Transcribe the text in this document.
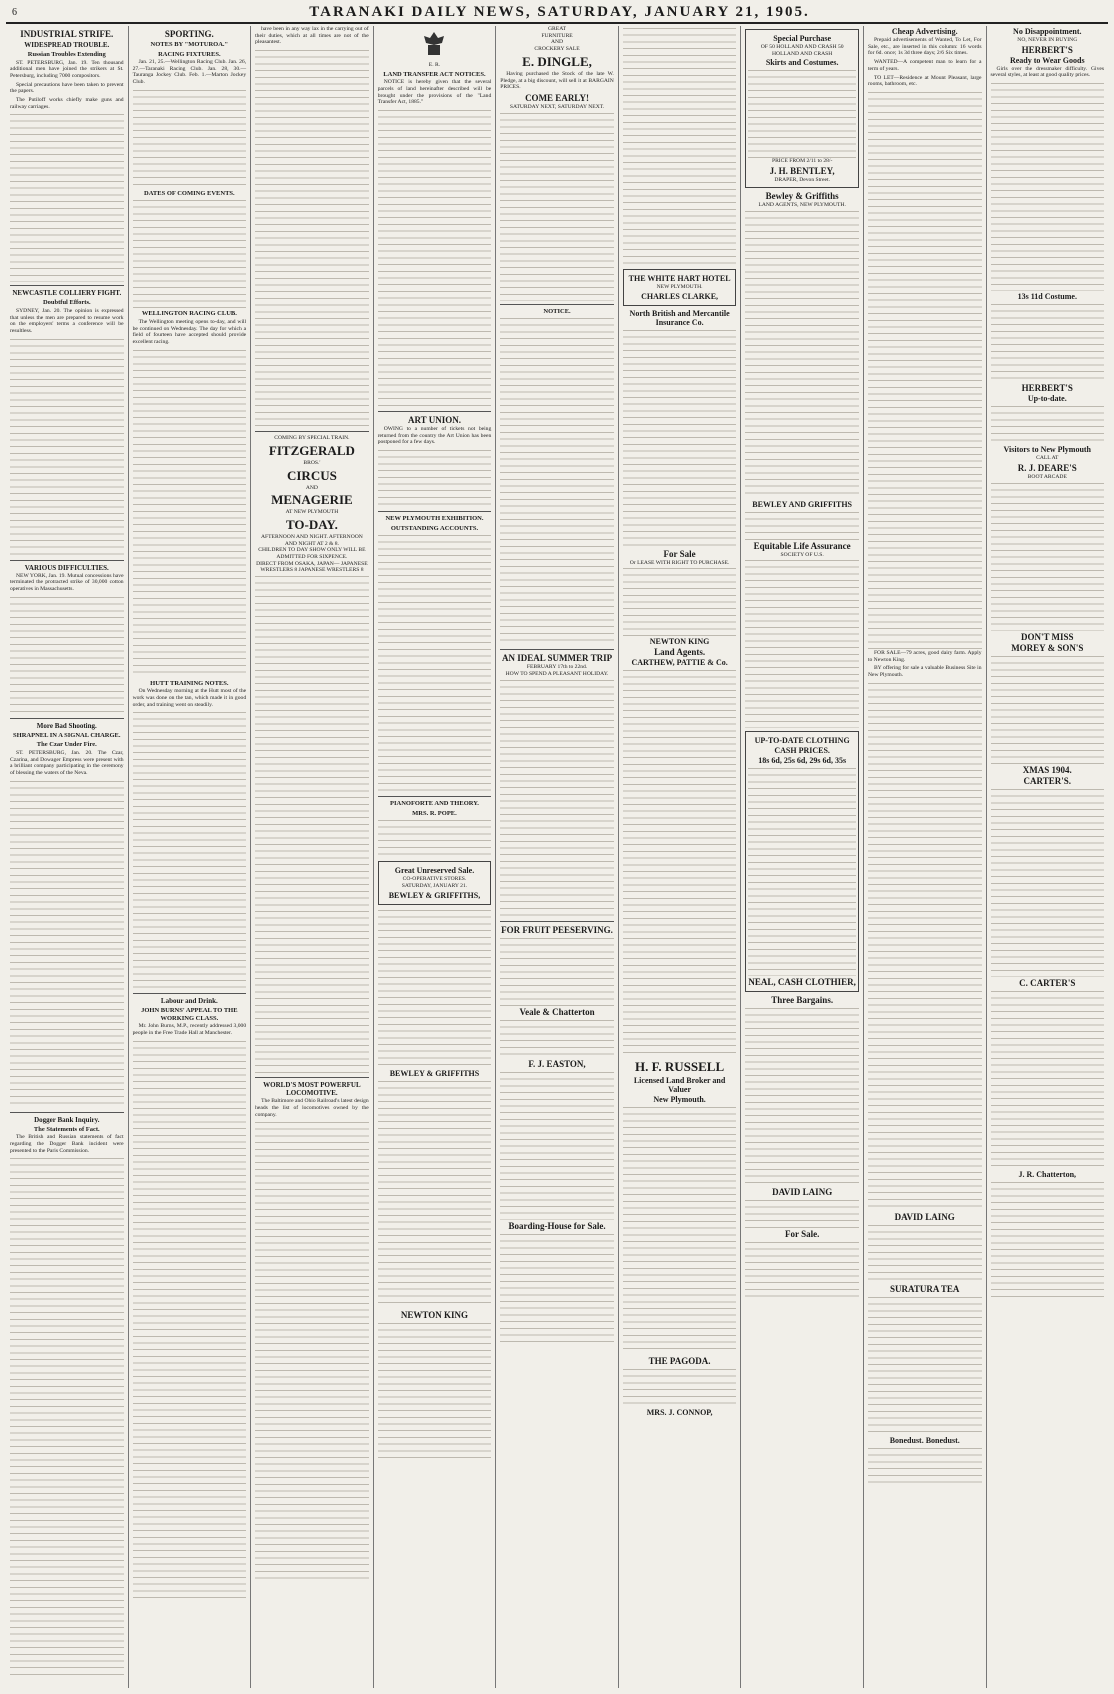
6	TARANAKI DAILY NEWS, SATURDAY, JANUARY 21, 1905.
INDUSTRIAL STRIFE.
WIDESPREAD TROUBLE.
Russian Troubles Extending

ST. PETERSBURG, Jan. 19. Ten thousand additional men have joined the strikers at St. Petersburg, including 7000 compositors.

Special precautions have been taken to prevent the papers.

The Putiloff works chiefly make guns and railway carriages.

NEWCASTLE COLLIERY FIGHT.
Doubtful Efforts.

SYDNEY, Jan. 20. The opinion is expressed that unless the men are prepared to resume work on the employers' terms a conference will be resultless.

VARIOUS DIFFICULTIES.

NEW YORK, Jan. 19. Mutual concessions have terminated the protracted strike of 30,000 cotton operatives in Massachusetts.

More Bad Shooting.
SHRAPNEL IN A SIGNAL CHARGE.
The Czar Under Fire.

ST. PETERSBURG, Jan. 20. The Czar, Czarina, and Dowager Empress were present with a brilliant company participating in the ceremony of blessing the waters of the Neva.

Dogger Bank Inquiry.
The Statements of Fact.

The British and Russian statements of fact regarding the Dogger Bank incident were presented to the Paris Commission.

SPORTING.
NOTES BY "MOTUROA."
RACING FIXTURES.

Jan. 21, 25.—Wellington Racing Club. Jan. 26, 27.—Taranaki Racing Club. Jan. 28, 30.—Tauranga Jockey Club. Feb. 1.—Marton Jockey Club.

DATES OF COMING EVENTS.
WELLINGTON RACING CLUB.

The Wellington meeting opens to-day, and will be continued on Wednesday. The day for which a field of fourteen have accepted should provide excellent racing.

HUTT TRAINING NOTES.

On Wednesday morning at the Hutt most of the work was done on the tan, which made it in good order, and training went on steadily.

Labour and Drink.
JOHN BURNS' APPEAL TO THE WORKING CLASS.

Mr. John Burns, M.P., recently addressed 3,000 people in the Free Trade Hall at Manchester.

have been in any way lax in the carrying out of their duties, which at all times are not of the pleasantest.

COMING BY SPECIAL TRAIN.
FITZGERALD
BROS.'
CIRCUS
AND
MENAGERIE
AT NEW PLYMOUTH
TO-DAY.
AFTERNOON AND NIGHT. AFTERNOON AND NIGHT AT 2 & 8.
CHILDREN TO DAY SHOW ONLY WILL BE ADMITTED FOR SIXPENCE.
DIRECT FROM OSAKA, JAPAN— JAPANESE WRESTLERS 8 JAPANESE WRESTLERS 8
WORLD'S MOST POWERFUL LOCOMOTIVE.

The Baltimore and Ohio Railroad's latest design heads the list of locomotives owned by the company.

E. R.
LAND TRANSFER ACT NOTICES.

NOTICE is hereby given that the several parcels of land hereinafter described will be brought under the provisions of the "Land Transfer Act, 1885."

ART UNION.

OWING to a number of tickets not being returned from the country the Art Union has been postponed for a few days.

NEW PLYMOUTH EXHIBITION.
OUTSTANDING ACCOUNTS.
PIANOFORTE AND THEORY.
MRS. R. POPE.
Great Unreserved Sale.
CO-OPERATIVE STORES.
SATURDAY, JANUARY 21.
BEWLEY & GRIFFITHS,
BEWLEY & GRIFFITHS
NEWTON KING
GREAT
FURNITURE
AND
CROCKERY SALE
E. DINGLE,

Having purchased the Stock of the late W. Pledge, at a big discount, will sell it at BARGAIN PRICES.

COME EARLY!
SATURDAY NEXT, SATURDAY NEXT.
NOTICE.
AN IDEAL SUMMER TRIP
FEBRUARY 17th to 22nd.
HOW TO SPEND A PLEASANT HOLIDAY.
FOR FRUIT PEESERVING.
Veale & Chatterton
F. J. EASTON,
Boarding-House for Sale.
THE WHITE HART HOTEL
NEW PLYMOUTH.
CHARLES CLARKE,
North British and Mercantile Insurance Co.
For Sale
Or LEASE WITH RIGHT TO PURCHASE.
NEWTON KING
Land Agents.
CARTHEW, PATTIE & Co.
H. F. RUSSELL
Licensed Land Broker and Valuer
New Plymouth.
THE PAGODA.
MRS. J. CONNOP,
Special Purchase
OF 50 HOLLAND AND CRASH 50 HOLLAND AND CRASH
Skirts and Costumes.
PRICE FROM 2/11 to 28/-
J. H. BENTLEY,
DRAPER, Devon Street.
Bewley & Griffiths
LAND AGENTS, NEW PLYMOUTH.
BEWLEY AND GRIFFITHS
Equitable Life Assurance
SOCIETY OF U.S.
UP-TO-DATE CLOTHING
CASH PRICES.
18s 6d, 25s 6d, 29s 6d, 35s
NEAL, CASH CLOTHIER,
Three Bargains.
DAVID LAING
For Sale.
Cheap Advertising.

Prepaid advertisements of Wanted, To Let, For Sale, etc., are inserted in this column: 16 words for 6d. once; 1s 3d three days; 2/6 Six times.

WANTED—A competent man to learn for a term of years.

TO LET—Residence at Mount Pleasant, large rooms, bathroom, etc.

FOR SALE—79 acres, good dairy farm. Apply to Newton King.

BY offering for sale a valuable Business Site in New Plymouth.

DAVID LAING
SURATURA TEA
Bonedust. Bonedust.
No Disappointment.
NO, NEVER IN BUYING
HERBERT'S
Ready to Wear Goods

Girls over the dressmaker difficulty. Gives several styles, at least at good quality prices.

13s 11d Costume.
HERBERT'S
Up-to-date.
Visitors to New Plymouth
CALL AT
R. J. DEARE'S
BOOT ARCADE
DON'T MISS
MOREY & SON'S
XMAS 1904.
CARTER'S.
C. CARTER'S
J. R. Chatterton,
